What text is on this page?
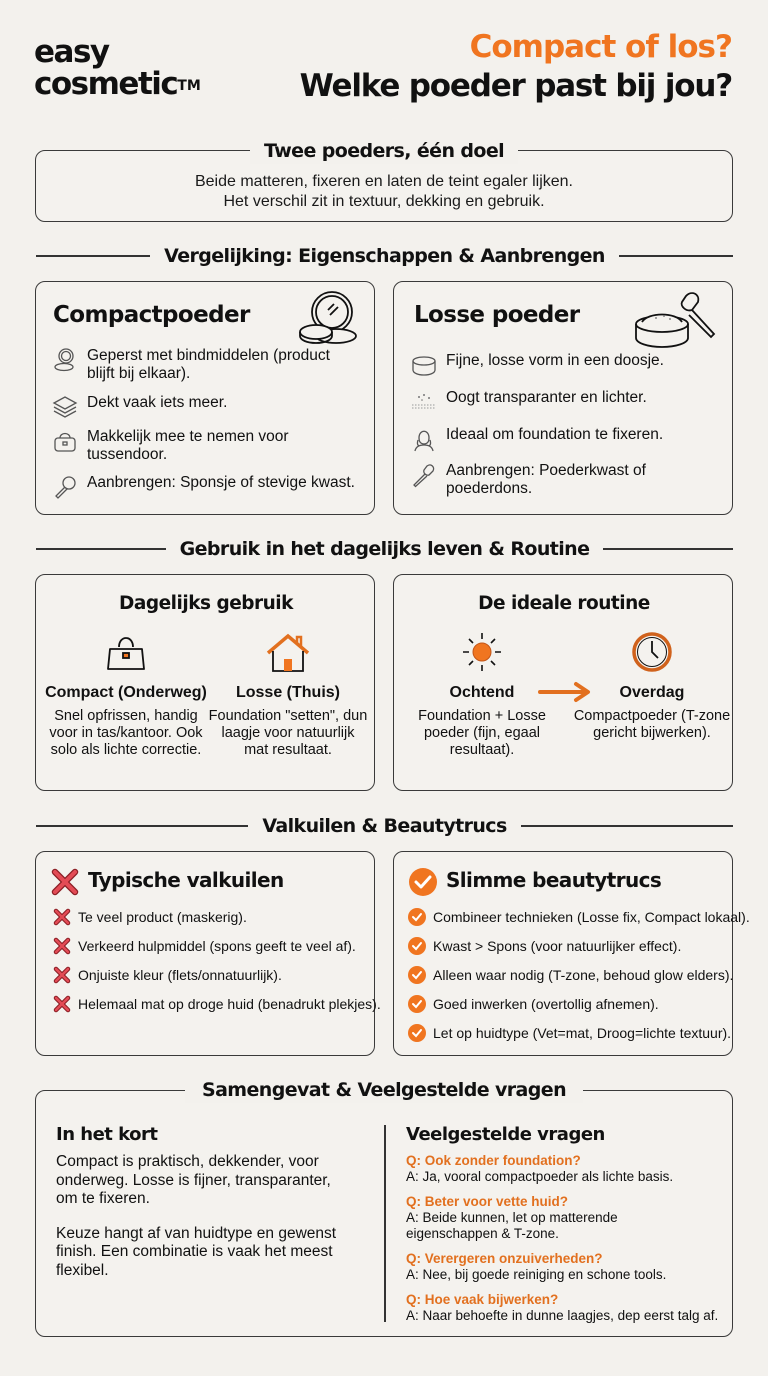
easy
cosmetic™
Compact of los?
Welke poeder past bij jou?
Twee poeders, één doel
Beide matteren, fixeren en laten de teint egaler lijken.
Het verschil zit in textuur, dekking en gebruik.
Vergelijking: Eigenschappen & Aanbrengen
Compactpoeder
Geperst met bindmiddelen (product blijft bij elkaar).
Dekt vaak iets meer.
Makkelijk mee te nemen voor tussendoor.
Aanbrengen: Sponsje of stevige kwast.
Losse poeder
Fijne, losse vorm in een doosje.
Oogt transparanter en lichter.
Ideaal om foundation te fixeren.
Aanbrengen: Poederkwast of poederdons.
Gebruik in het dagelijks leven & Routine
Dagelijks gebruik
Compact (Onderweg)
Snel opfrissen, handig voor in tas/kantoor. Ook solo als lichte correctie.
Losse (Thuis)
Foundation "setten", dun laagje voor natuurlijk mat resultaat.
De ideale routine
Ochtend
Foundation + Losse poeder (fijn, egaal resultaat).
Overdag
Compactpoeder (T-zone gericht bijwerken).
Valkuilen & Beautytrucs
Typische valkuilen
Te veel product (maskerig).
Verkeerd hulpmiddel (spons geeft te veel af).
Onjuiste kleur (flets/onnatuurlijk).
Helemaal mat op droge huid (benadrukt plekjes).
Slimme beautytrucs
Combineer technieken (Losse fix, Compact lokaal).
Kwast > Spons (voor natuurlijker effect).
Alleen waar nodig (T-zone, behoud glow elders).
Goed inwerken (overtollig afnemen).
Let op huidtype (Vet=mat, Droog=lichte textuur).
Samengevat & Veelgestelde vragen
In het kort
Compact is praktisch, dekkender, voor onderweg. Losse is fijner, transparanter, om te fixeren.
Keuze hangt af van huidtype en gewenst finish. Een combinatie is vaak het meest flexibel.
Veelgestelde vragen
Q: Ook zonder foundation?
A: Ja, vooral compactpoeder als lichte basis.
Q: Beter voor vette huid?
A: Beide kunnen, let op matterende eigenschappen & T-zone.
Q: Verergeren onzuiverheden?
A: Nee, bij goede reiniging en schone tools.
Q: Hoe vaak bijwerken?
A: Naar behoefte in dunne laagjes, dep eerst talg af.
